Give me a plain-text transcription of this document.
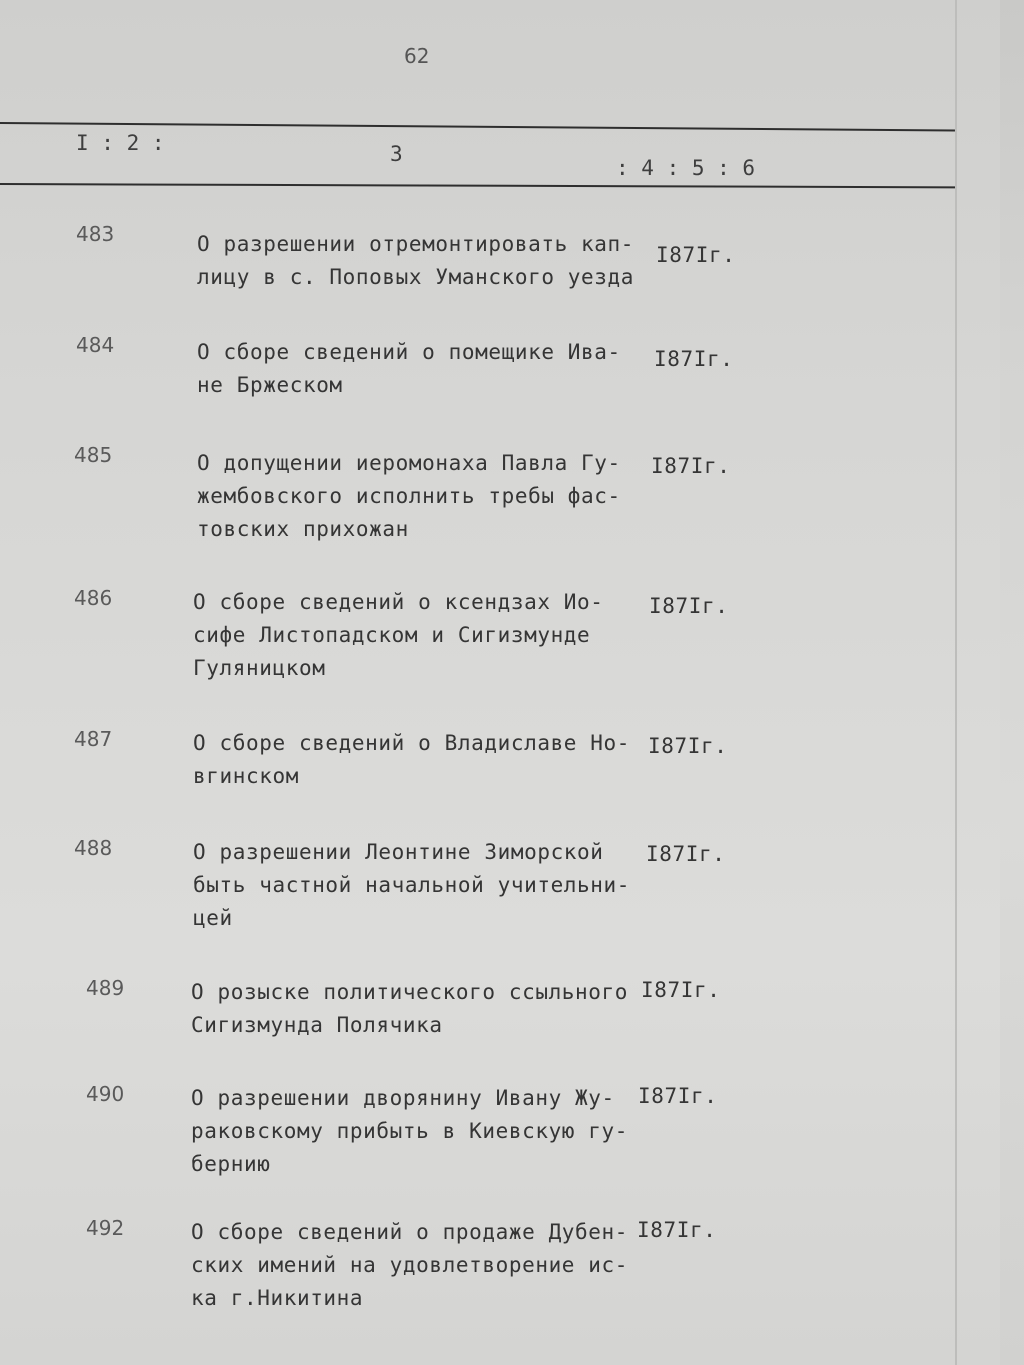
62
I : 2 :	3
: 4 : 5 : 6
483	О разрешении отремонтировать кап-
лицу в с. Поповых Уманского уезда
I87Iг.
484	О сборе сведений о помещике Ива-
не Бржеском
I87Iг.
485	О допущении иеромонаха Павла Гу-
жембовского исполнить требы фас-
товских прихожан
I87Iг.
486	О сборе сведений о ксендзах Ио-
сифе Листопадском и Сигизмунде
Гуляницком
I87Iг.
487	О сборе сведений о Владиславе Но-
вгинском
I87Iг.
488	О разрешении Леонтине Зиморской
быть частной начальной учительни-
цей
I87Iг.
489	О розыске политического ссыльного
Сигизмунда Полячика
I87Iг.
490	О разрешении дворянину Ивану Жу-
раковскому прибыть в Киевскую гу-
бернию
I87Iг.
492	О сборе сведений о продаже Дубен-
ских имений на удовлетворение ис-
ка г.Никитина
I87Iг.
